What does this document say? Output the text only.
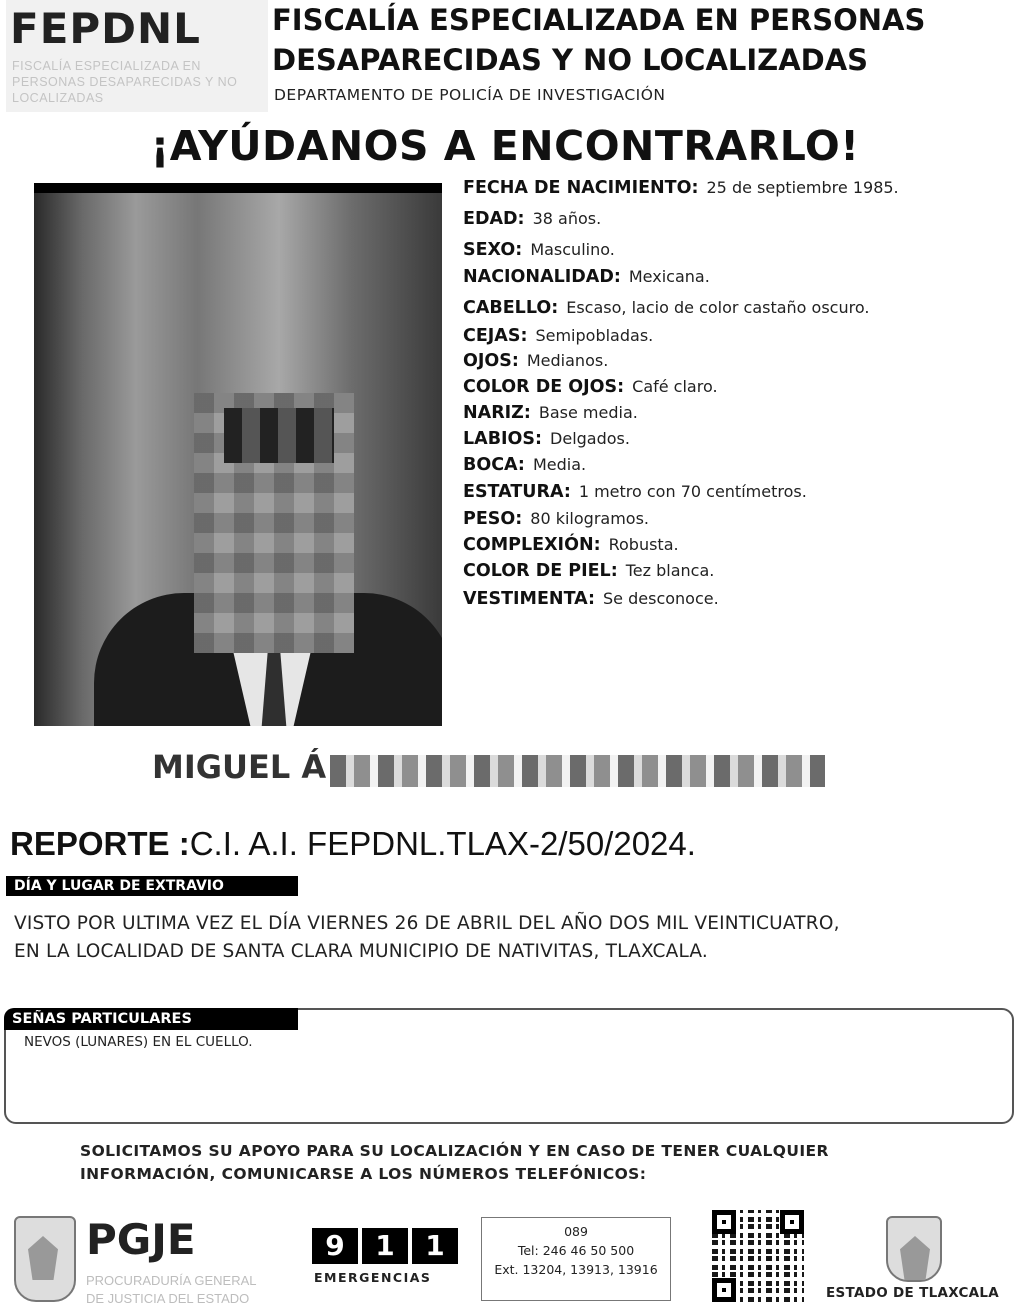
FEPDNL
FISCALÍA ESPECIALIZADA EN PERSONAS DESAPARECIDAS Y NO LOCALIZADAS
FISCALÍA ESPECIALIZADA EN PERSONAS
DESAPARECIDAS Y NO LOCALIZADAS
DEPARTAMENTO DE POLICÍA DE INVESTIGACIÓN
¡AYÚDANOS A ENCONTRARLO!
FECHA DE NACIMIENTO: 25 de septiembre 1985.
EDAD: 38 años.
SEXO: Masculino.
NACIONALIDAD: Mexicana.
CABELLO: Escaso, lacio de color castaño oscuro.
CEJAS: Semipobladas.
OJOS: Medianos.
COLOR DE OJOS: Café claro.
NARIZ: Base media.
LABIOS: Delgados.
BOCA: Media.
ESTATURA: 1 metro con 70 centímetros.
PESO: 80 kilogramos.
COMPLEXIÓN: Robusta.
COLOR DE PIEL: Tez blanca.
VESTIMENTA: Se desconoce.
MIGUEL Á
REPORTE :C.I. A.I. FEPDNL.TLAX-2/50/2024.
DÍA Y LUGAR DE EXTRAVIO
VISTO POR ULTIMA VEZ EL DÍA VIERNES 26 DE ABRIL DEL AÑO DOS MIL VEINTICUATRO,
EN LA LOCALIDAD DE SANTA CLARA MUNICIPIO DE NATIVITAS, TLAXCALA.
SEÑAS PARTICULARES
NEVOS (LUNARES) EN EL CUELLO.
SOLICITAMOS SU APOYO PARA SU LOCALIZACIÓN Y EN CASO DE TENER CUALQUIER
INFORMACIÓN, COMUNICARSE A LOS NÚMEROS TELEFÓNICOS:
PGJE
PROCURADURÍA GENERAL DE JUSTICIA DEL ESTADO
9	1	1
EMERGENCIAS
089
Tel: 246 46 50 500
Ext. 13204, 13913, 13916
ESTADO DE TLAXCALA
